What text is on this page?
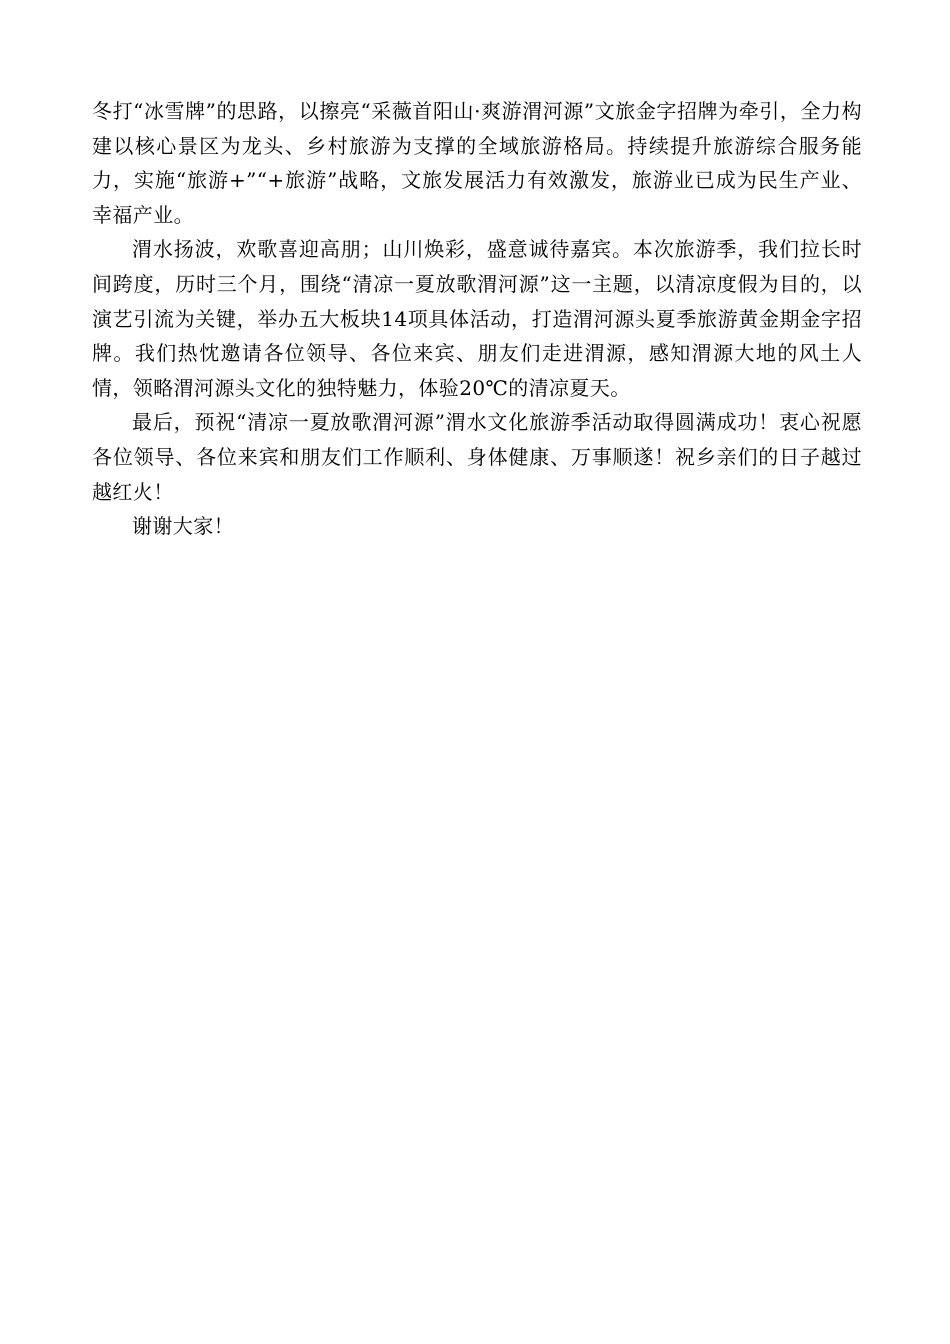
冬打“冰雪牌”的思路，以擦亮“采薇首阳山·爽游渭河源”文旅金字招牌为牵引，全力构建以核心景区为龙头、乡村旅游为支撑的全域旅游格局。持续提升旅游综合服务能力，实施“旅游+”“+旅游”战略，文旅发展活力有效激发，旅游业已成为民生产业、幸福产业。

渭水扬波，欢歌喜迎高朋；山川焕彩，盛意诚待嘉宾。本次旅游季，我们拉长时间跨度，历时三个月，围绕“清凉一夏放歌渭河源”这一主题，以清凉度假为目的，以演艺引流为关键，举办五大板块14项具体活动，打造渭河源头夏季旅游黄金期金字招牌。我们热忱邀请各位领导、各位来宾、朋友们走进渭源，感知渭源大地的风土人情，领略渭河源头文化的独特魅力，体验20℃的清凉夏天。

最后，预祝“清凉一夏放歌渭河源”渭水文化旅游季活动取得圆满成功！衷心祝愿各位领导、各位来宾和朋友们工作顺利、身体健康、万事顺遂！祝乡亲们的日子越过越红火！

谢谢大家！
